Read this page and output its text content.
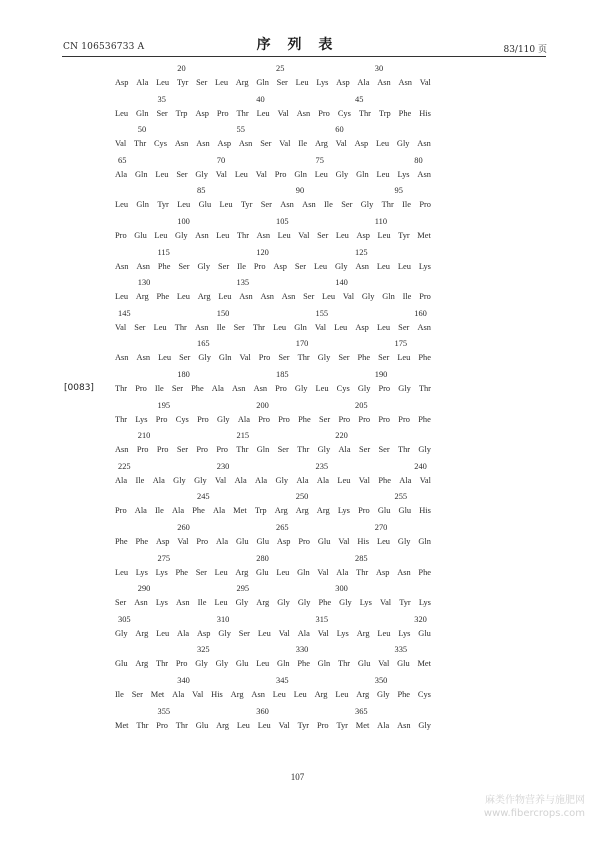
CN 106536733 A	序 列 表	83/110 页
[0083]
20	25	30
Asp Ala Leu Tyr Ser Leu Arg Gln Ser Leu Lys Asp Ala Asn Asn Val
35	40	45
Leu Gln Ser Trp Asp Pro Thr Leu Val Asn Pro Cys Thr Trp Phe His
50	55	60
Val Thr Cys Asn Asn Asp Asn Ser Val Ile Arg Val Asp Leu Gly Asn
65	70	75	80
Ala Gln Leu Ser Gly Val Leu Val Pro Gln Leu Gly Gln Leu Lys Asn
85	90	95
Leu Gln Tyr Leu Glu Leu Tyr Ser Asn Asn Ile Ser Gly Thr Ile Pro
100	105	110
Pro Glu Leu Gly Asn Leu Thr Asn Leu Val Ser Leu Asp Leu Tyr Met
115	120	125
Asn Asn Phe Ser Gly Ser Ile Pro Asp Ser Leu Gly Asn Leu Leu Lys
130	135	140
Leu Arg Phe Leu Arg Leu Asn Asn Asn Ser Leu Val Gly Gln Ile Pro
145	150	155	160
Val Ser Leu Thr Asn Ile Ser Thr Leu Gln Val Leu Asp Leu Ser Asn
165	170	175
Asn Asn Leu Ser Gly Gln Val Pro Ser Thr Gly Ser Phe Ser Leu Phe
180	185	190
Thr Pro Ile Ser Phe Ala Asn Asn Pro Gly Leu Cys Gly Pro Gly Thr
195	200	205
Thr Lys Pro Cys Pro Gly Ala Pro Pro Phe Ser Pro Pro Pro Pro Phe
210	215	220
Asn Pro Pro Ser Pro Pro Thr Gln Ser Thr Gly Ala Ser Ser Thr Gly
225	230	235	240
Ala Ile Ala Gly Gly Val Ala Ala Gly Ala Ala Leu Val Phe Ala Val
245	250	255
Pro Ala Ile Ala Phe Ala Met Trp Arg Arg Arg Lys Pro Glu Glu His
260	265	270
Phe Phe Asp Val Pro Ala Glu Glu Asp Pro Glu Val His Leu Gly Gln
275	280	285
Leu Lys Lys Phe Ser Leu Arg Glu Leu Gln Val Ala Thr Asp Asn Phe
290	295	300
Ser Asn Lys Asn Ile Leu Gly Arg Gly Gly Phe Gly Lys Val Tyr Lys
305	310	315	320
Gly Arg Leu Ala Asp Gly Ser Leu Val Ala Val Lys Arg Leu Lys Glu
325	330	335
Glu Arg Thr Pro Gly Gly Glu Leu Gln Phe Gln Thr Glu Val Glu Met
340	345	350
Ile Ser Met Ala Val His Arg Asn Leu Leu Arg Leu Arg Gly Phe Cys
355	360	365
Met Thr Pro Thr Glu Arg Leu Leu Val Tyr Pro Tyr Met Ala Asn Gly
107
麻类作物营养与施肥网
www.fibercrops.com
